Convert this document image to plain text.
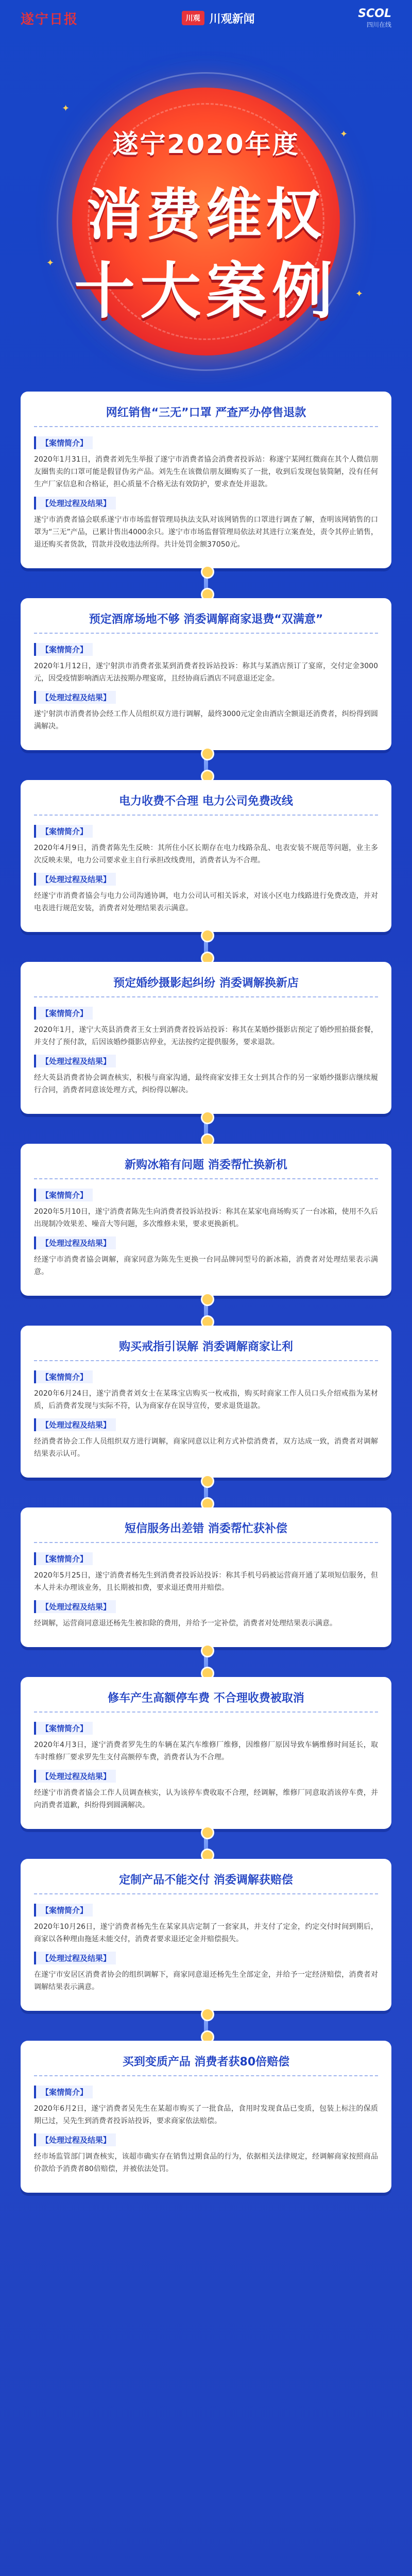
遂宁日报	川观 川观新闻	SCOL
四川在线
✦
✦
✦
✦
遂宁2020年度
消费维权
十大案例
网红销售“三无”口罩 严查严办停售退款
【案情简介】

2020年1月31日，消费者刘先生举报了遂宁市消费者協会消费者投诉站：称遂宁某网红微商在其个人微信朋友圈售卖的口罩可能是假冒伪劣产品。刘先生在该微信朋友圈购买了一批，收到后发现包装简陋，没有任何生产厂家信息和合格证，担心质量不合格无法有效防护，要求查处并退款。

【处理过程及结果】

遂宁市消费者協会联系遂宁市市场监督管理局执法支队对该网销售的口罩进行调查了解，查明该网销售的口罩为“三无”产品，已累计售出4000余只。遂宁市市场监督管理局依法对其进行立案查处，责令其停止销售，退还购买者货款，罚款并没收违法所得。共计处罚金额37050元。

预定酒席场地不够 消委调解商家退费“双满意”
【案情简介】

2020年1月12日，遂宁射洪市消费者张某到消费者投诉站投诉：称其与某酒店预订了宴席，交付定金3000元，因受疫情影响酒店无法按期办理宴席，且经协商后酒店不同意退还定金。

【处理过程及结果】

遂宁射洪市消费者协会经工作人员组织双方进行调解，最终3000元定金由酒店全额退还消费者，纠纷得到圆满解决。

电力收费不合理 电力公司免费改线
【案情简介】

2020年4月9日，消费者陈先生反映：其所住小区长期存在电力线路杂乱、电表安装不规范等问题，业主多次反映未果，电力公司要求业主自行承担改线费用，消费者认为不合理。

【处理过程及结果】

经遂宁市消费者協会与电力公司沟通协调，电力公司认可相关诉求，对该小区电力线路进行免费改造，并对电表进行规范安装，消费者对处理结果表示满意。

预定婚纱摄影起纠纷 消委调解换新店
【案情简介】

2020年1月，遂宁大英县消费者王女士到消费者投诉站投诉：称其在某婚纱摄影店预定了婚纱照拍摄套餐，并支付了预付款，后因该婚纱摄影店停业，无法按约定提供服务，要求退款。

【处理过程及结果】

经大英县消费者协会调查核实，积极与商家沟通，最终商家安排王女士到其合作的另一家婚纱摄影店继续履行合同，消费者同意该处理方式，纠纷得以解决。

新购冰箱有问题 消委帮忙换新机
【案情简介】

2020年5月10日，遂宁消费者陈先生向消费者投诉站投诉：称其在某家电商场购买了一台冰箱，使用不久后出现制冷效果差、噪音大等问题，多次维修未果，要求更换新机。

【处理过程及结果】

经遂宁市消费者協会调解，商家同意为陈先生更换一台同品牌同型号的新冰箱，消费者对处理结果表示满意。

购买戒指引误解 消委调解商家让利
【案情简介】

2020年6月24日，遂宁消费者刘女士在某珠宝店购买一枚戒指，购买时商家工作人员口头介绍戒指为某材质，后消费者发现与实际不符，认为商家存在误导宣传，要求退货退款。

【处理过程及结果】

经消费者协会工作人员组织双方进行调解，商家同意以让利方式补偿消费者，双方达成一致，消费者对调解结果表示认可。

短信服务出差错 消委帮忙获补偿
【案情简介】

2020年5月25日，遂宁消费者杨先生到消费者投诉站投诉：称其手机号码被运营商开通了某项短信服务，但本人并未办理该业务，且长期被扣费，要求退还费用并赔偿。

【处理过程及结果】

经调解，运营商同意退还杨先生被扣除的费用，并给予一定补偿，消费者对处理结果表示满意。

修车产生高额停车费 不合理收费被取消
【案情简介】

2020年4月3日，遂宁消费者罗先生的车辆在某汽车维修厂维修，因维修厂原因导致车辆维修时间延长，取车时维修厂要求罗先生支付高额停车费，消费者认为不合理。

【处理过程及结果】

经遂宁市消费者協会工作人员调查核实，认为该停车费收取不合理，经调解，维修厂同意取消该停车费，并向消费者道歉，纠纷得到圆满解决。

定制产品不能交付 消委调解获赔偿
【案情简介】

2020年10月26日，遂宁消费者杨先生在某家具店定制了一套家具，并支付了定金，约定交付时间到期后，商家以各种理由拖延未能交付，消费者要求退还定金并赔偿损失。

【处理过程及结果】

在遂宁市安居区消费者协会的组织调解下，商家同意退还杨先生全部定金，并给予一定经济赔偿，消费者对调解结果表示满意。

买到变质产品 消费者获80倍赔偿
【案情简介】

2020年6月2日，遂宁消费者吴先生在某超市购买了一批食品，食用时发现食品已变质，包装上标注的保质期已过，吴先生到消费者投诉站投诉，要求商家依法赔偿。

【处理过程及结果】

经市场监管部门调查核实，该超市确实存在销售过期食品的行为，依据相关法律规定，经调解商家按照商品价款给予消费者80倍赔偿，并被依法处罚。
